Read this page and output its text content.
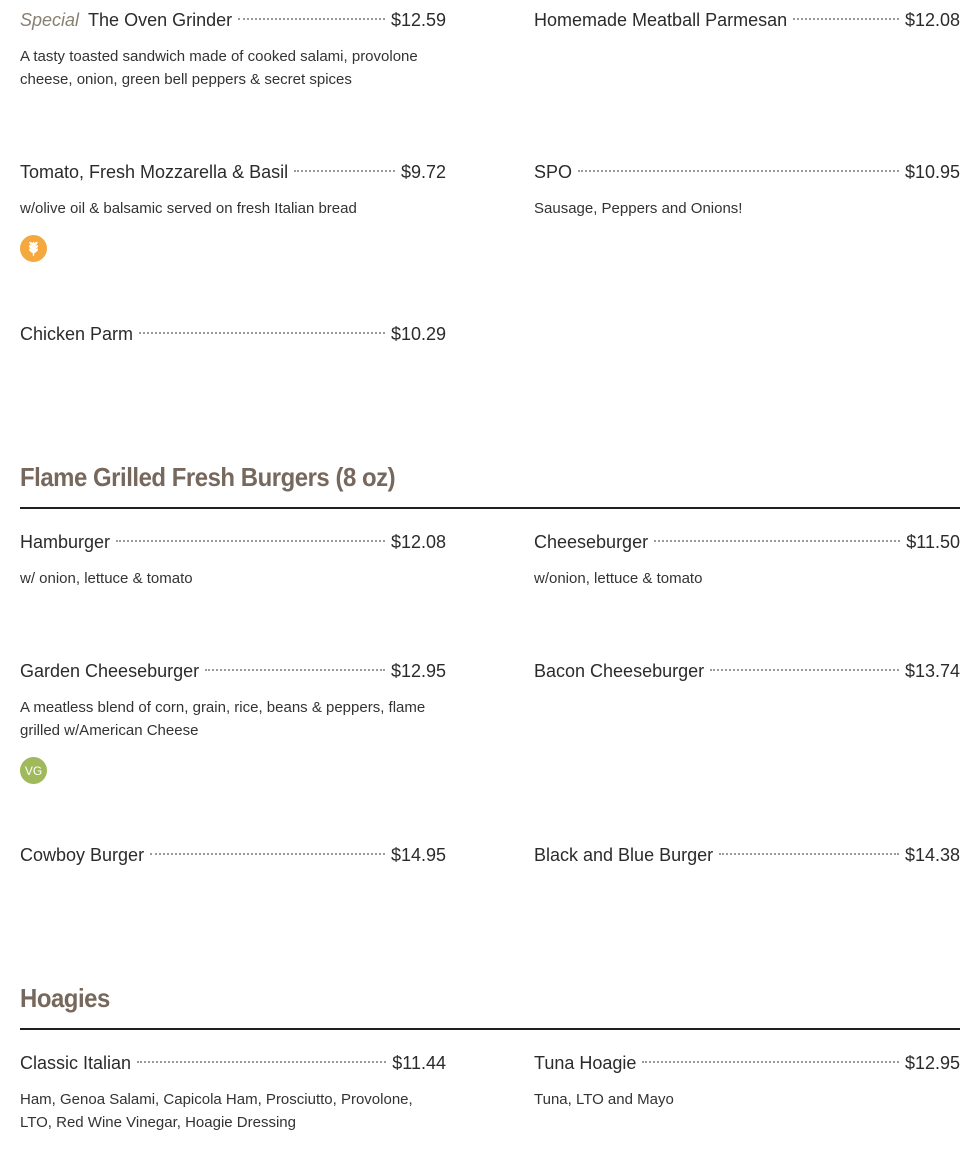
Special The Oven Grinder	$12.59
A tasty toasted sandwich made of cooked salami, provolone cheese, onion, green bell peppers & secret spices
Homemade Meatball Parmesan	$12.08
Tomato, Fresh Mozzarella & Basil	$9.72
w/olive oil & balsamic served on fresh Italian bread
SPO	$10.95
Sausage, Peppers and Onions!
Chicken Parm	$10.29
Flame Grilled Fresh Burgers (8 oz)
Hamburger	$12.08
w/ onion, lettuce & tomato
Cheeseburger	$11.50
w/onion, lettuce & tomato
Garden Cheeseburger	$12.95
A meatless blend of corn, grain, rice, beans & peppers, flame grilled w/American Cheese
VG
Bacon Cheeseburger	$13.74
Cowboy Burger	$14.95	Black and Blue Burger	$14.38
Hoagies
Classic Italian	$11.44
Ham, Genoa Salami, Capicola Ham, Prosciutto, Provolone, LTO, Red Wine Vinegar, Hoagie Dressing
Tuna Hoagie	$12.95
Tuna, LTO and Mayo
